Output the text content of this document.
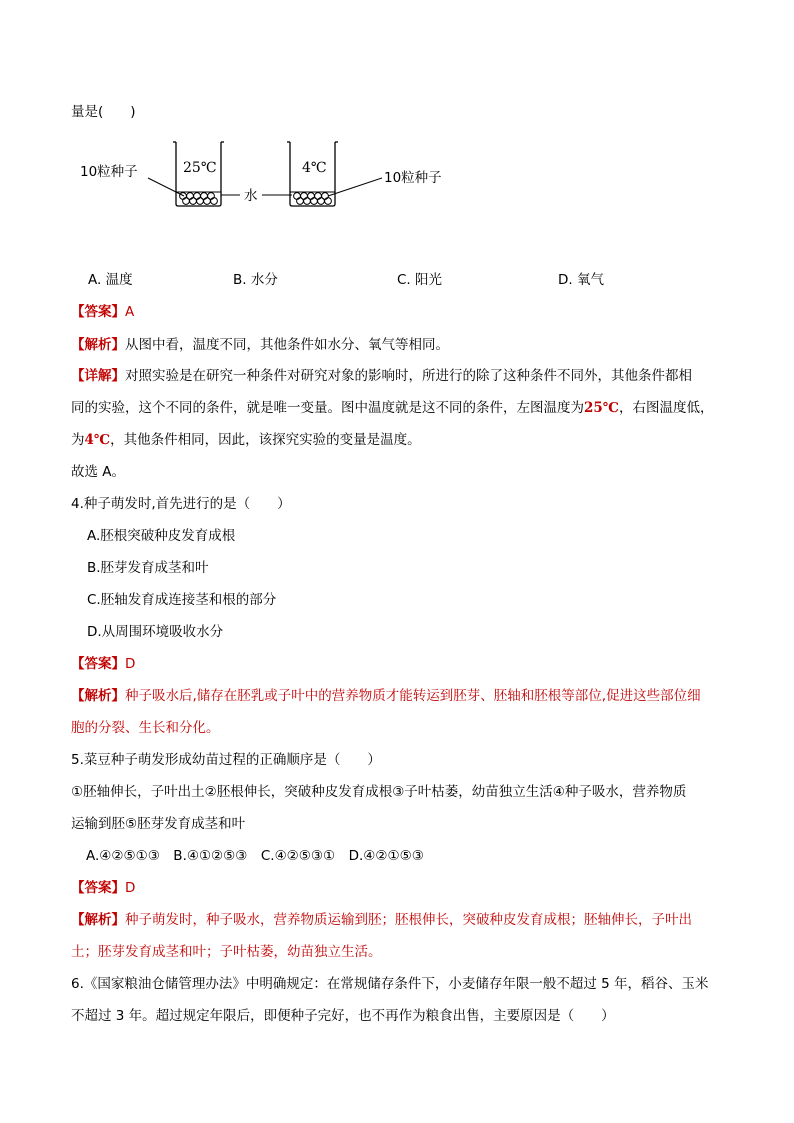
量是(　　)
25℃
10粒种子
水
4℃
10粒种子
A. 温度	B. 水分	C. 阳光	D. 氧气
【答案】A
【解析】从图中看，温度不同，其他条件如水分、氧气等相同。
【详解】对照实验是在研究一种条件对研究对象的影响时，所进行的除了这种条件不同外，其他条件都相
同的实验，这个不同的条件，就是唯一变量。图中温度就是这不同的条件，左图温度为25℃，右图温度低，
为4℃，其他条件相同，因此，该探究实验的变量是温度。
故选 A。
4.种子萌发时,首先进行的是（　　）
A.胚根突破种皮发育成根
B.胚芽发育成茎和叶
C.胚轴发育成连接茎和根的部分
D.从周围环境吸收水分
【答案】D
【解析】种子吸水后,储存在胚乳或子叶中的营养物质才能转运到胚芽、胚轴和胚根等部位,促进这些部位细
胞的分裂、生长和分化。
5.菜豆种子萌发形成幼苗过程的正确顺序是（　　）
①胚轴伸长，子叶出土②胚根伸长，突破种皮发育成根③子叶枯萎，幼苗独立生活④种子吸水，营养物质
运输到胚⑤胚芽发育成茎和叶
A.④②⑤①③　B.④①②⑤③　C.④②⑤③①　D.④②①⑤③
【答案】D
【解析】种子萌发时，种子吸水，营养物质运输到胚；胚根伸长，突破种皮发育成根；胚轴伸长，子叶出
土；胚芽发育成茎和叶；子叶枯萎，幼苗独立生活。
6.《国家粮油仓储管理办法》中明确规定：在常规储存条件下，小麦储存年限一般不超过 5 年，稻谷、玉米
不超过 3 年。超过规定年限后，即便种子完好，也不再作为粮食出售，主要原因是（　　）
